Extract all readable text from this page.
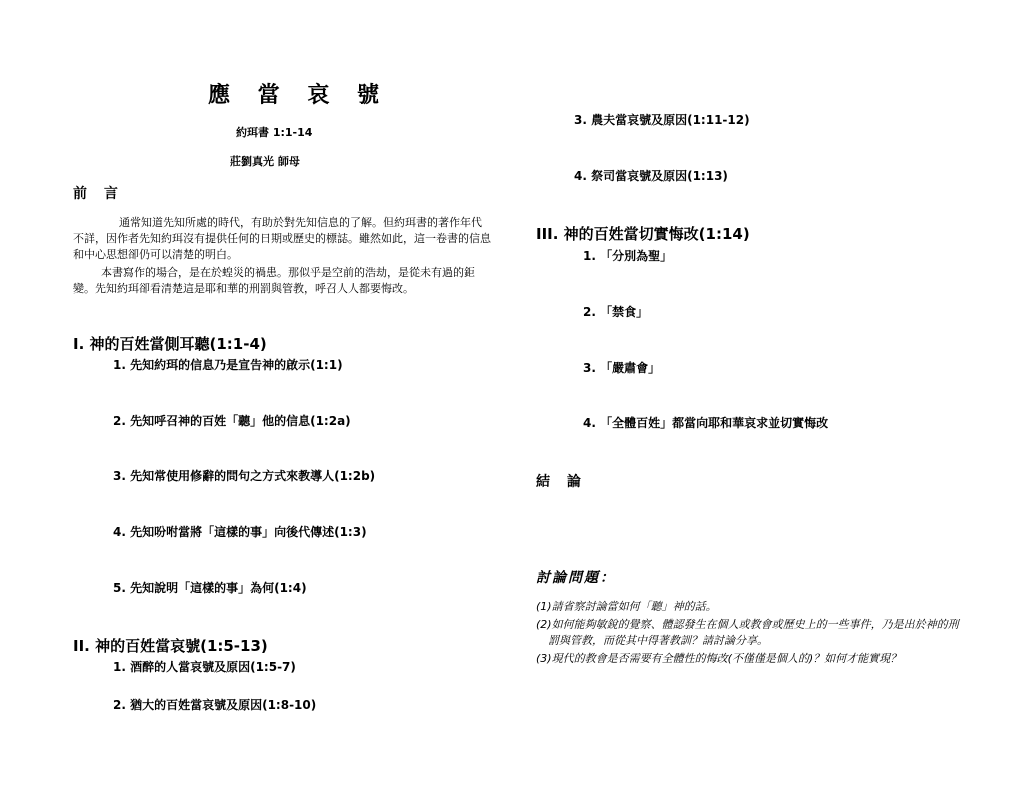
應 當 哀 號
約珥書 1:1-14
莊劉真光 師母
前 言
通常知道先知所處的時代，有助於對先知信息的了解。但約珥書的著作年代不詳，因作者先知約珥沒有提供任何的日期或歷史的標誌。雖然如此，這一卷書的信息和中心思想卻仍可以清楚的明白。
本書寫作的場合，是在於蝗災的禍患。那似乎是空前的浩劫，是從未有過的鉅變。先知約珥卻看清楚這是耶和華的刑罰與管教，呼召人人都要悔改。
I. 神的百姓當側耳聽(1:1-4)
1. 先知約珥的信息乃是宣告神的啟示(1:1)
2. 先知呼召神的百姓「聽」他的信息(1:2a)
3. 先知常使用修辭的問句之方式來教導人(1:2b)
4. 先知吩咐當將「這樣的事」向後代傳述(1:3)
5. 先知說明「這樣的事」為何(1:4)
II. 神的百姓當哀號(1:5-13)
1. 酒醉的人當哀號及原因(1:5-7)
2. 猶大的百姓當哀號及原因(1:8-10)
3. 農夫當哀號及原因(1:11-12)
4. 祭司當哀號及原因(1:13)
III. 神的百姓當切實悔改(1:14)
1. 「分別為聖」
2. 「禁食」
3. 「嚴肅會」
4. 「全體百姓」都當向耶和華哀求並切實悔改
結 論
討論問題：
(1)請省察討論當如何「聽」神的話。
(2)如何能夠敏銳的覺察、體認發生在個人或教會或歷史上的一些事件，乃是出於神的刑罰與管教，而從其中得著教訓？請討論分享。
(3)現代的教會是否需要有全體性的悔改(不僅僅是個人的)？如何才能實現？
